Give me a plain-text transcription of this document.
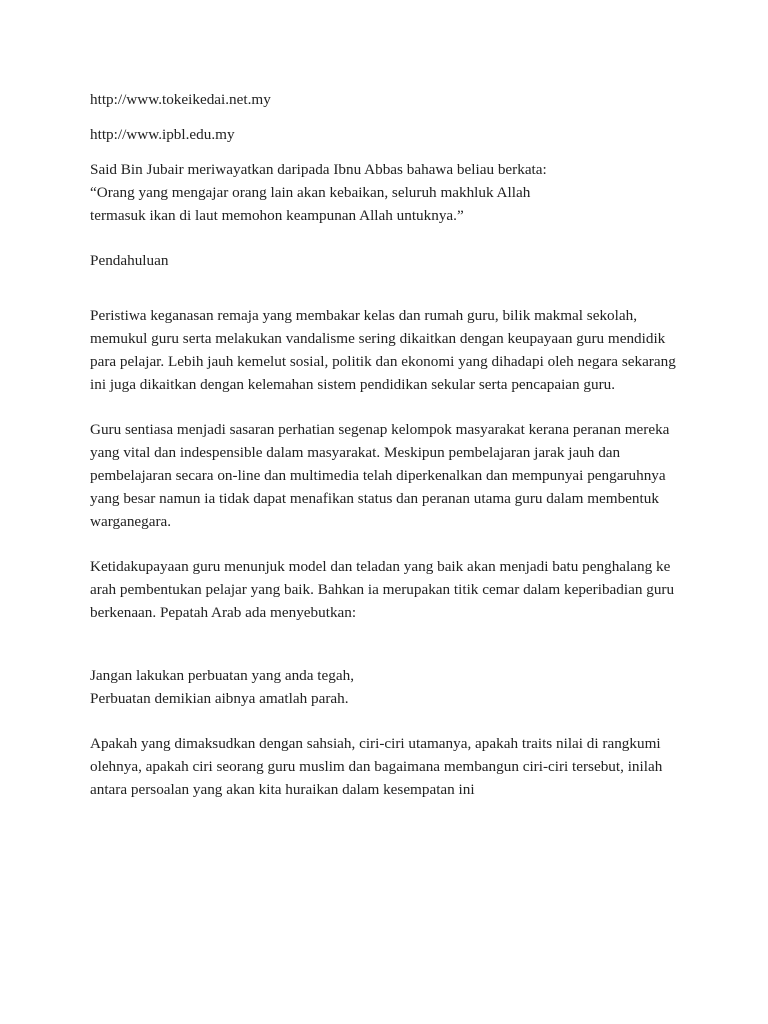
http://www.tokeikedai.net.my
http://www.ipbl.edu.my
Said Bin Jubair meriwayatkan daripada Ibnu Abbas bahawa beliau berkata:
“Orang yang mengajar orang lain akan kebaikan, seluruh makhluk Allah
termasuk ikan di laut memohon keampunan Allah untuknya.”
Pendahuluan
Peristiwa keganasan remaja yang membakar kelas dan rumah guru, bilik makmal sekolah,
memukul guru serta melakukan vandalisme sering dikaitkan dengan keupayaan guru mendidik
para pelajar. Lebih jauh kemelut sosial, politik dan ekonomi yang dihadapi oleh negara sekarang
ini juga dikaitkan dengan kelemahan sistem pendidikan sekular serta pencapaian guru.
Guru sentiasa menjadi sasaran perhatian segenap kelompok masyarakat kerana peranan mereka
yang vital dan indespensible dalam masyarakat. Meskipun pembelajaran jarak jauh dan
pembelajaran secara on-line dan multimedia telah diperkenalkan dan mempunyai pengaruhnya
yang besar namun ia tidak dapat menafikan status dan peranan utama guru dalam membentuk
warganegara.
Ketidakupayaan guru menunjuk model dan teladan yang baik akan menjadi batu penghalang ke
arah pembentukan pelajar yang baik. Bahkan ia merupakan titik cemar dalam keperibadian guru
berkenaan. Pepatah Arab ada menyebutkan:
Jangan lakukan perbuatan yang anda tegah,
Perbuatan demikian aibnya amatlah parah.
Apakah yang dimaksudkan dengan sahsiah, ciri-ciri utamanya, apakah traits nilai di rangkumi
olehnya, apakah ciri seorang guru muslim dan bagaimana membangun ciri-ciri tersebut, inilah
antara persoalan yang akan kita huraikan dalam kesempatan ini
